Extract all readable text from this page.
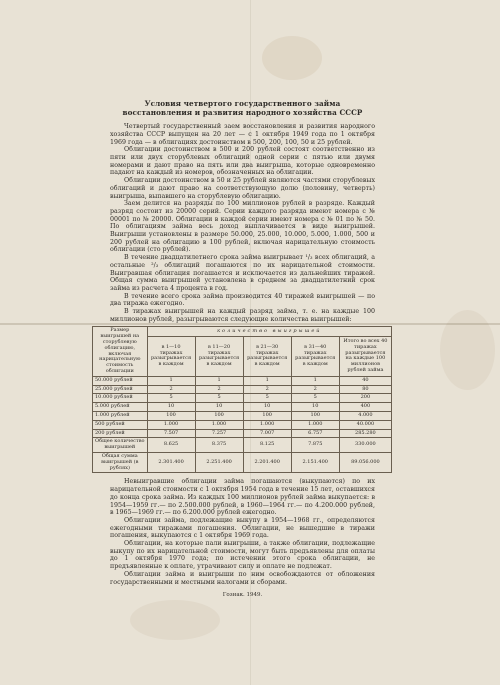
Условия четвертого государственного займа
восстановления и развития народного хозяйства СССР

Четвертый государственный заем восстановления и развития народного хозяйства СССР выпущен на 20 лет — с 1 октября 1949 года по 1 октября 1969 года — в облигациях достоинством в 500, 200, 100, 50 и 25 рублей.

Облигации достоинством в 500 и 200 рублей состоят соответственно из пяти или двух сторублевых облигаций одной серии с пятью или двумя номерами и дают право на пять или два выигрыша, которые одновременно падают на каждый из номеров, обозначенных на облигации.

Облигации достоинством в 50 и 25 рублей являются частями сторублевых облигаций и дают право на соответствующую долю (половину, четверть) выигрыша, выпавшего на сторублевую облигацию.

Заем делится на разряды по 100 миллионов рублей в разряде. Каждый разряд состоит из 20000 серий. Серии каждого разряда имеют номера с № 00001 по № 20000. Облигации в каждой серии имеют номера с № 01 по № 50. По облигациям займа весь доход выплачивается в виде выигрышей. Выигрыши установлены в размере 50.000, 25.000, 10.000, 5.000, 1.000, 500 и 200 рублей на облигацию в 100 рублей, включая нарицательную стоимость облигации (сто рублей).

В течение двадцатилетнего срока займа выигрывает ¹/₃ всех облигаций, а остальные ²/₃ облигаций погашаются по их нарицательной стоимости. Выигравшая облигация погашается и исключается из дальнейших тиражей. Общая сумма выигрышей установлена в среднем за двадцатилетний срок займа из расчета 4 процента в год.

В течение всего срока займа производится 40 тиражей выигрышей — по два тиража ежегодно.

В тиражах выигрышей на каждый разряд займа, т. е. на каждые 100 миллионов рублей, разыгрываются следующие количества выигрышей:

Размер выигрышей на сторублевую облигацию, включая нарицательную стоимость облигации	количество выигрышей				
	в 1—10 тиражах разыгрывается в каждом	в 11—20 тиражах разыгрывается в каждом	в 21—30 тиражах разыгрывается в каждом	в 31—40 тиражах разыгрывается в каждом	Итого во всех 40 тиражах разыгрывается на каждые 100 миллионов рублей займа
50.000 рублей	1	1	1	1	40
25.000 рублей	2	2	2	2	80
10.000 рублей	5	5	5	5	200
5.000 рублей	10	10	10	10	400
1.000 рублей	100	100	100	100	4.000
500 рублей	1.000	1.000	1.000	1.000	40.000
200 рублей	7.507	7.257	7.007	6.757	285.280
Общее количество выигрышей	8.625	8.375	8.125	7.875	330.000
Общая сумма выигрышей (в рублях)	2.301.400	2.251.400	2.201.400	2.151.400	89.056.000

Невыигравшие облигации займа погашаются (выкупаются) по их нарицательной стоимости с 1 октября 1954 года в течение 15 лет, оставшихся до конца срока займа. Из каждых 100 миллионов рублей займа выкупается: в 1954—1959 гг.— по 2.500.000 рублей, в 1960—1964 гг.— по 4.200.000 рублей, в 1965—1969 гг.— по 6.200.000 рублей ежегодно.

Облигации займа, подлежащие выкупу в 1954—1968 гг., определяются ежегодными тиражами погашения. Облигации, не вышедшие в тиражи погашения, выкупаются с 1 октября 1969 года.

Облигации, на которые пали выигрыши, а также облигации, подлежащие выкупу по их нарицательной стоимости, могут быть предъявлены для оплаты до 1 октября 1970 года; по истечении этого срока облигации, не предъявленные к оплате, утрачивают силу и оплате не подлежат.

Облигации займа и выигрыши по ним освобождаются от обложения государственными и местными налогами и сборами.

Гознак. 1949.
